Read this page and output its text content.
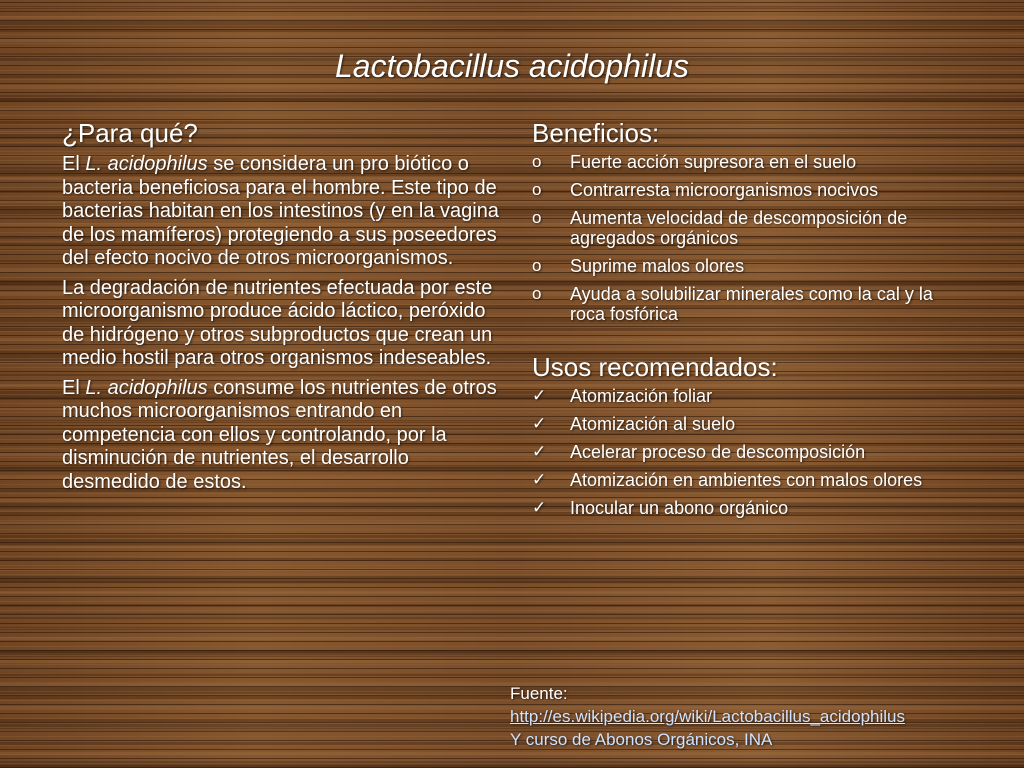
Lactobacillus acidophilus
¿Para qué?

El L. acidophilus se considera un pro biótico o bacteria beneficiosa para el hombre. Este tipo de bacterias habitan en los intestinos (y en la vagina de los mamíferos) protegiendo a sus poseedores del efecto nocivo de otros microorganismos.

La degradación de nutrientes efectuada por este microorganismo produce ácido láctico, peróxido de hidrógeno y otros subproductos que crean un medio hostil para otros organismos indeseables.

El L. acidophilus consume los nutrientes de otros muchos microorganismos entrando en competencia con ellos y controlando, por la disminución de nutrientes, el desarrollo desmedido de estos.

Beneficios:
o Fuerte acción supresora en el suelo
o Contrarresta microorganismos nocivos
o Aumenta velocidad de descomposición de agregados orgánicos
o Suprime malos olores
o Ayuda a solubilizar minerales como la cal y la roca fosfórica
Usos recomendados:
✓ Atomización foliar
✓ Atomización al suelo
✓ Acelerar proceso de descomposición
✓ Atomización en ambientes con malos olores
✓ Inocular un abono orgánico
Fuente:
http://es.wikipedia.org/wiki/Lactobacillus_acidophilus
Y curso de Abonos Orgánicos, INA
